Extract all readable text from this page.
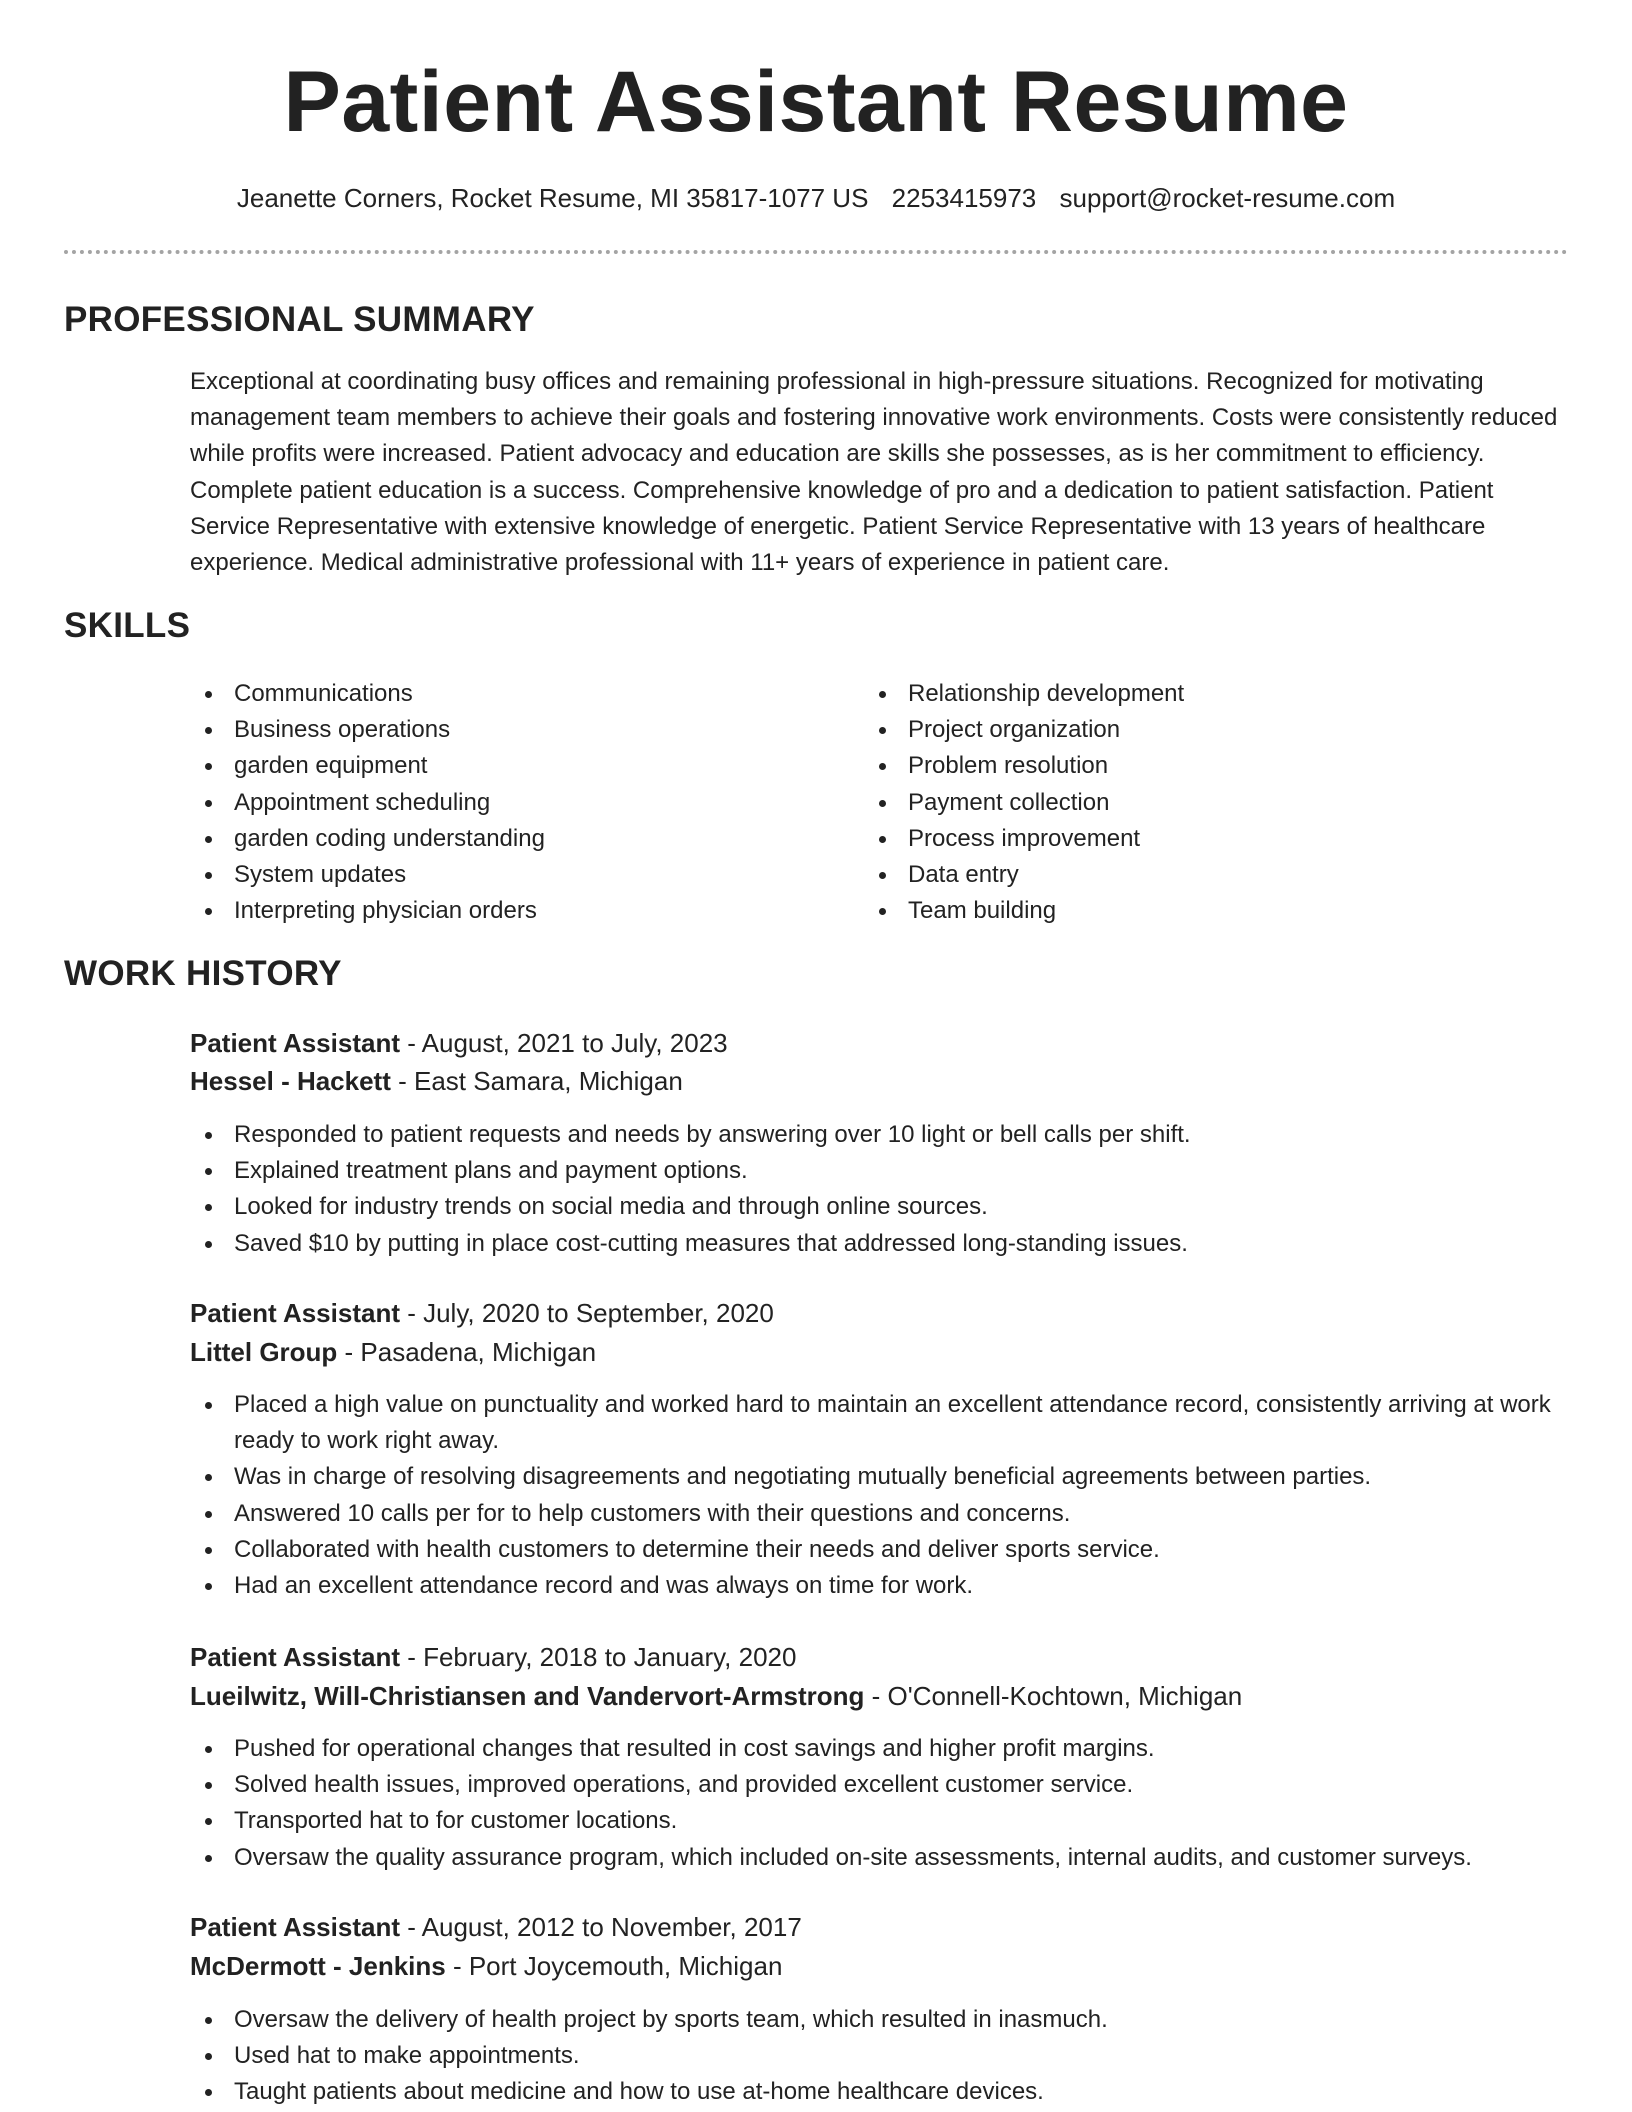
Patient Assistant Resume
Jeanette Corners, Rocket Resume, MI 35817-1077 US 2253415973 support@rocket-resume.com
PROFESSIONAL SUMMARY

Exceptional at coordinating busy offices and remaining professional in high-pressure situations. Recognized for motivating management team members to achieve their goals and fostering innovative work environments. Costs were consistently reduced while profits were increased. Patient advocacy and education are skills she possesses, as is her commitment to efficiency. Complete patient education is a success. Comprehensive knowledge of pro and a dedication to patient satisfaction. Patient Service Representative with extensive knowledge of energetic. Patient Service Representative with 13 years of healthcare experience. Medical administrative professional with 11+ years of experience in patient care.

SKILLS
Communications
Business operations
garden equipment
Appointment scheduling
garden coding understanding
System updates
Interpreting physician orders
Relationship development
Project organization
Problem resolution
Payment collection
Process improvement
Data entry
Team building
WORK HISTORY
Patient Assistant - August, 2021 to July, 2023
Hessel - Hackett - East Samara, Michigan
Responded to patient requests and needs by answering over 10 light or bell calls per shift.
Explained treatment plans and payment options.
Looked for industry trends on social media and through online sources.
Saved $10 by putting in place cost-cutting measures that addressed long-standing issues.
Patient Assistant - July, 2020 to September, 2020
Littel Group - Pasadena, Michigan
Placed a high value on punctuality and worked hard to maintain an excellent attendance record, consistently arriving at work ready to work right away.
Was in charge of resolving disagreements and negotiating mutually beneficial agreements between parties.
Answered 10 calls per for to help customers with their questions and concerns.
Collaborated with health customers to determine their needs and deliver sports service.
Had an excellent attendance record and was always on time for work.
Patient Assistant - February, 2018 to January, 2020
Lueilwitz, Will-Christiansen and Vandervort-Armstrong - O'Connell-Kochtown, Michigan
Pushed for operational changes that resulted in cost savings and higher profit margins.
Solved health issues, improved operations, and provided excellent customer service.
Transported hat to for customer locations.
Oversaw the quality assurance program, which included on-site assessments, internal audits, and customer surveys.
Patient Assistant - August, 2012 to November, 2017
McDermott - Jenkins - Port Joycemouth, Michigan
Oversaw the delivery of health project by sports team, which resulted in inasmuch.
Used hat to make appointments.
Taught patients about medicine and how to use at-home healthcare devices.
